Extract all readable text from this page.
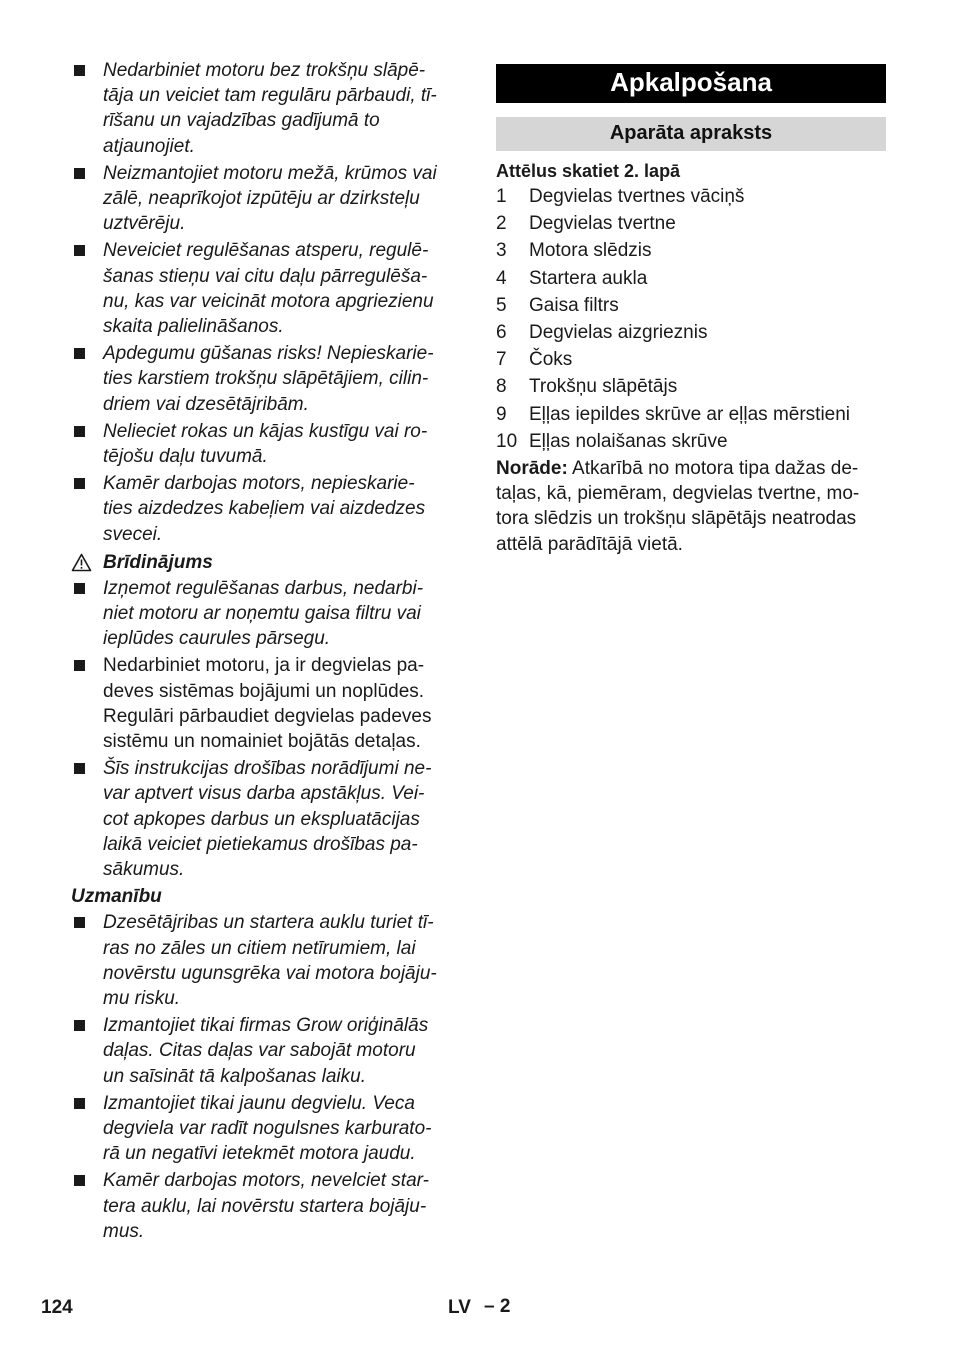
Nedarbiniet motoru bez trokšņu slāpē-
tāja un veiciet tam regulāru pārbaudi, tī-
rīšanu un vajadzības gadījumā to
atjaunojiet.
Neizmantojiet motoru mežā, krūmos vai
zālē, neaprīkojot izpūtēju ar dzirksteļu
uztvērēju.
Neveiciet regulēšanas atsperu, regulē-
šanas stieņu vai citu daļu pārregulēša-
nu, kas var veicināt motora apgriezienu
skaita palielināšanos.
Apdegumu gūšanas risks! Nepieskarie-
ties karstiem trokšņu slāpētājiem, cilin-
driem vai dzesētājribām.
Nelieciet rokas un kājas kustīgu vai ro-
tējošu daļu tuvumā.
Kamēr darbojas motors, nepieskarie-
ties aizdedzes kabeļiem vai aizdedzes
svecei.
Brīdinājums
Izņemot regulēšanas darbus, nedarbi-
niet motoru ar noņemtu gaisa filtru vai
ieplūdes caurules pārsegu.
Nedarbiniet motoru, ja ir degvielas pa-
deves sistēmas bojājumi un noplūdes.
Regulāri pārbaudiet degvielas padeves
sistēmu un nomainiet bojātās detaļas.
Šīs instrukcijas drošības norādījumi ne-
var aptvert visus darba apstākļus. Vei-
cot apkopes darbus un ekspluatācijas
laikā veiciet pietiekamus drošības pa-
sākumus.
Uzmanību
Dzesētājribas un startera auklu turiet tī-
ras no zāles un citiem netīrumiem, lai
novērstu ugunsgrēka vai motora bojāju-
mu risku.
Izmantojiet tikai firmas Grow oriģinālās
daļas. Citas daļas var sabojāt motoru
un saīsināt tā kalpošanas laiku.
Izmantojiet tikai jaunu degvielu. Veca
degviela var radīt nogulsnes karburato-
rā un negatīvi ietekmēt motora jaudu.
Kamēr darbojas motors, nevelciet star-
tera auklu, lai novērstu startera bojāju-
mus.
Apkalpošana
Aparāta apraksts
Attēlus skatiet 2. lapā
1 Degvielas tvertnes vāciņš
2 Degvielas tvertne
3 Motora slēdzis
4 Startera aukla
5 Gaisa filtrs
6 Degvielas aizgrieznis
7 Čoks
8 Trokšņu slāpētājs
9 Eļļas iepildes skrūve ar eļļas mērstieni
10 Eļļas nolaišanas skrūve
Norāde: Atkarībā no motora tipa dažas de-
taļas, kā, piemēram, degvielas tvertne, mo-
tora slēdzis un trokšņu slāpētājs neatrodas
attēlā parādītājā vietā.
124	LV – 2
